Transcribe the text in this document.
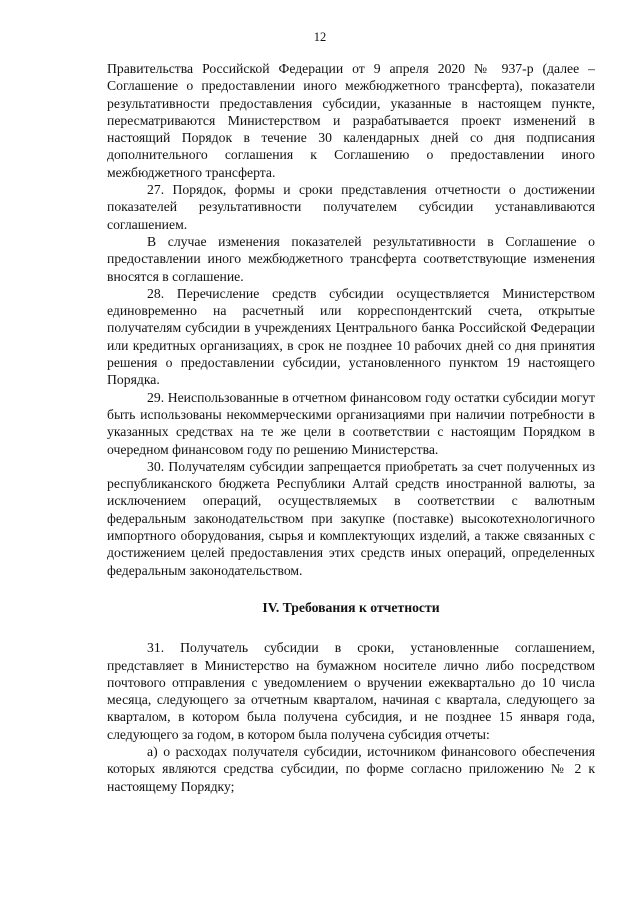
12

Правительства Российской Федерации от 9 апреля 2020 № 937-р (далее – Соглашение о предоставлении иного межбюджетного трансферта), показатели результативности предоставления субсидии, указанные в настоящем пункте, пересматриваются Министерством и разрабатывается проект изменений в настоящий Порядок в течение 30 календарных дней со дня подписания дополнительного соглашения к Соглашению о предоставлении иного межбюджетного трансферта.

27. Порядок, формы и сроки представления отчетности о достижении показателей результативности получателем субсидии устанавливаются соглашением.

В случае изменения показателей результативности в Соглашение о предоставлении иного межбюджетного трансферта соответствующие изменения вносятся в соглашение.

28. Перечисление средств субсидии осуществляется Министерством единовременно на расчетный или корреспондентский счета, открытые получателям субсидии в учреждениях Центрального банка Российской Федерации или кредитных организациях, в срок не позднее 10 рабочих дней со дня принятия решения о предоставлении субсидии, установленного пунктом 19 настоящего Порядка.

29. Неиспользованные в отчетном финансовом году остатки субсидии могут быть использованы некоммерческими организациями при наличии потребности в указанных средствах на те же цели в соответствии с настоящим Порядком в очередном финансовом году по решению Министерства.

30. Получателям субсидии запрещается приобретать за счет полученных из республиканского бюджета Республики Алтай средств иностранной валюты, за исключением операций, осуществляемых в соответствии с валютным федеральным законодательством при закупке (поставке) высокотехнологичного импортного оборудования, сырья и комплектующих изделий, а также связанных с достижением целей предоставления этих средств иных операций, определенных федеральным законодательством.

IV. Требования к отчетности

31. Получатель субсидии в сроки, установленные соглашением, представляет в Министерство на бумажном носителе лично либо посредством почтового отправления с уведомлением о вручении ежеквартально до 10 числа месяца, следующего за отчетным кварталом, начиная с квартала, следующего за кварталом, в котором была получена субсидия, и не позднее 15 января года, следующего за годом, в котором была получена субсидия отчеты:

а) о расходах получателя субсидии, источником финансового обеспечения которых являются средства субсидии, по форме согласно приложению № 2 к настоящему Порядку;
